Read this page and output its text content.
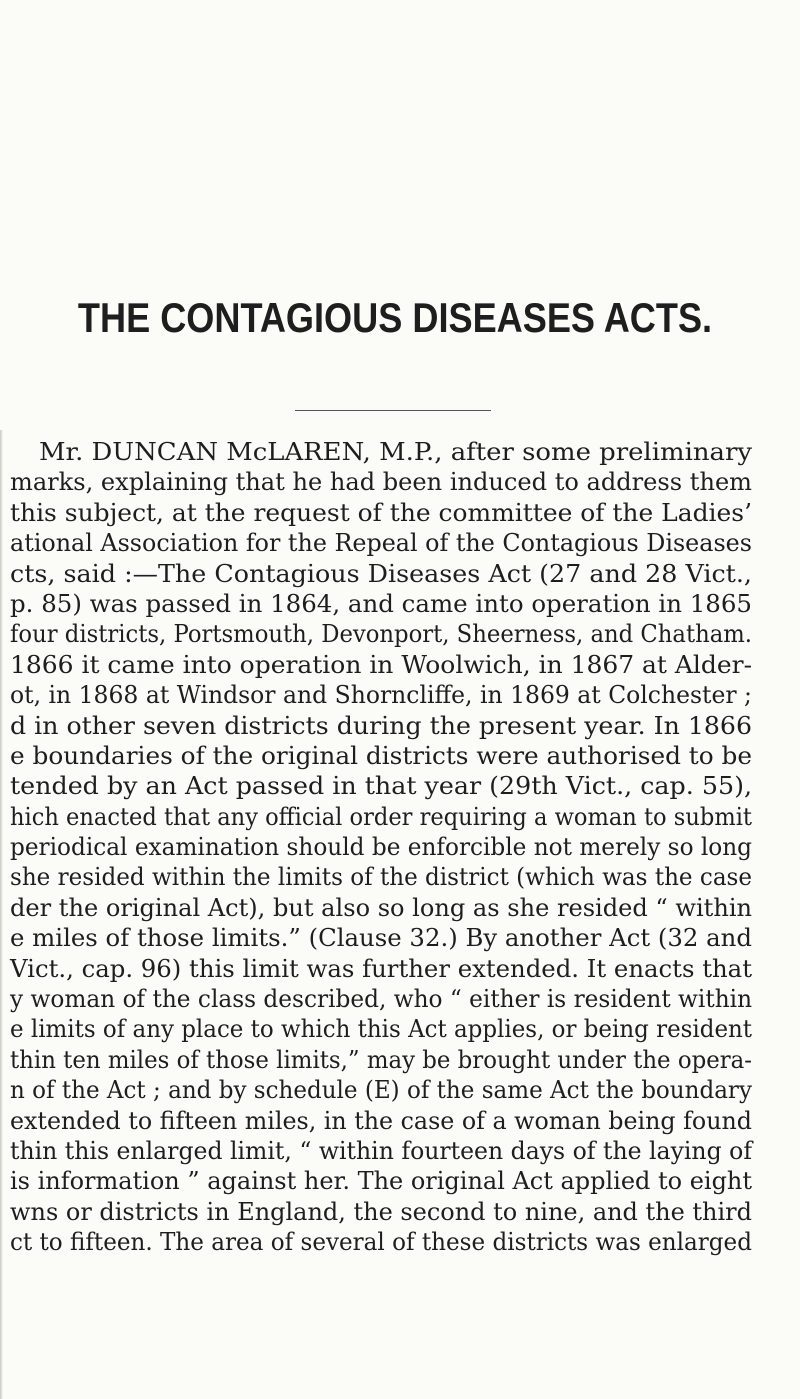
THE CONTAGIOUS DISEASES ACTS.
Mr. DUNCAN McLAREN, M.P., after some preliminary
marks, explaining that he had been induced to address them
this subject, at the request of the committee of the Ladies’
ational Association for the Repeal of the Contagious Diseases
cts, said :—The Contagious Diseases Act (27 and 28 Vict.,
p. 85) was passed in 1864, and came into operation in 1865
four districts, Portsmouth, Devonport, Sheerness, and Chatham.
1866 it came into operation in Woolwich, in 1867 at Alder-
ot, in 1868 at Windsor and Shorncliffe, in 1869 at Colchester ;
d in other seven districts during the present year. In 1866
e boundaries of the original districts were authorised to be
tended by an Act passed in that year (29th Vict., cap. 55),
hich enacted that any official order requiring a woman to submit
periodical examination should be enforcible not merely so long
she resided within the limits of the district (which was the case
der the original Act), but also so long as she resided “ within
e miles of those limits.” (Clause 32.) By another Act (32 and
Vict., cap. 96) this limit was further extended. It enacts that
y woman of the class described, who “ either is resident within
e limits of any place to which this Act applies, or being resident
thin ten miles of those limits,” may be brought under the opera-
n of the Act ; and by schedule (E) of the same Act the boundary
extended to fifteen miles, in the case of a woman being found
thin this enlarged limit, “ within fourteen days of the laying of
is information ” against her. The original Act applied to eight
wns or districts in England, the second to nine, and the third
ct to fifteen. The area of several of these districts was enlarged
